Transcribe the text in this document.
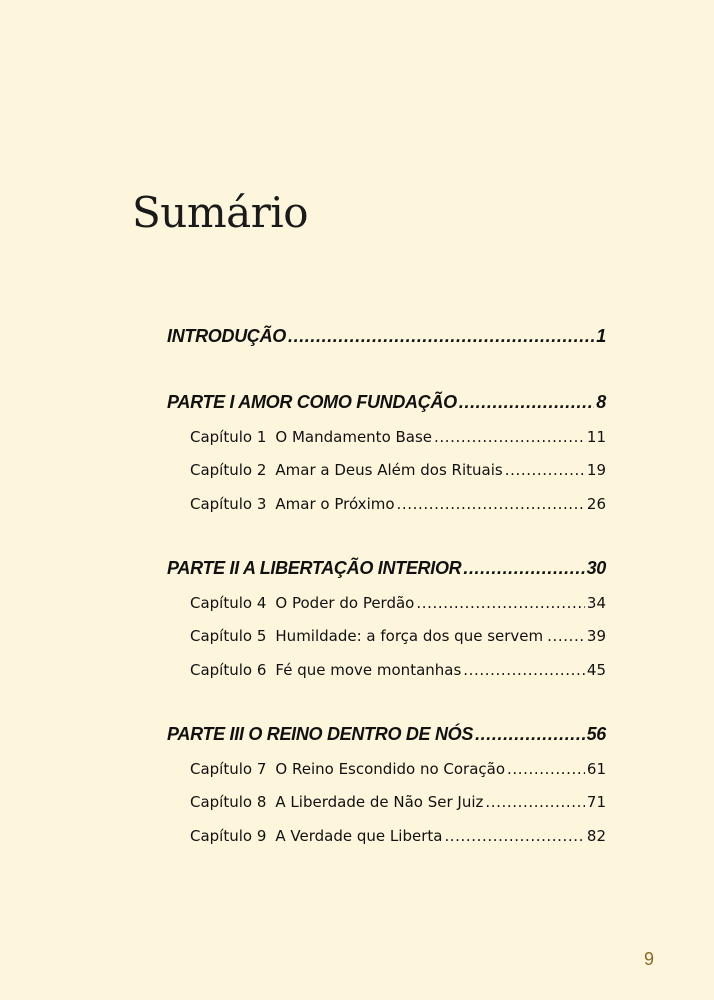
Sumário
INTRODUÇÃO .....	1
PARTE I AMOR COMO FUNDAÇÃO .....	8
Capítulo 1 O Mandamento Base .....	11
Capítulo 2 Amar a Deus Além dos Rituais .....	19
Capítulo 3 Amar o Próximo .....	26
PARTE II A LIBERTAÇÃO INTERIOR .....	30
Capítulo 4 O Poder do Perdão .....	34
Capítulo 5 Humildade: a força dos que servem .....	39
Capítulo 6 Fé que move montanhas .....	45
PARTE III O REINO DENTRO DE NÓS .....	56
Capítulo 7 O Reino Escondido no Coração .....	61
Capítulo 8 A Liberdade de Não Ser Juiz .....	71
Capítulo 9 A Verdade que Liberta .....	82
9
